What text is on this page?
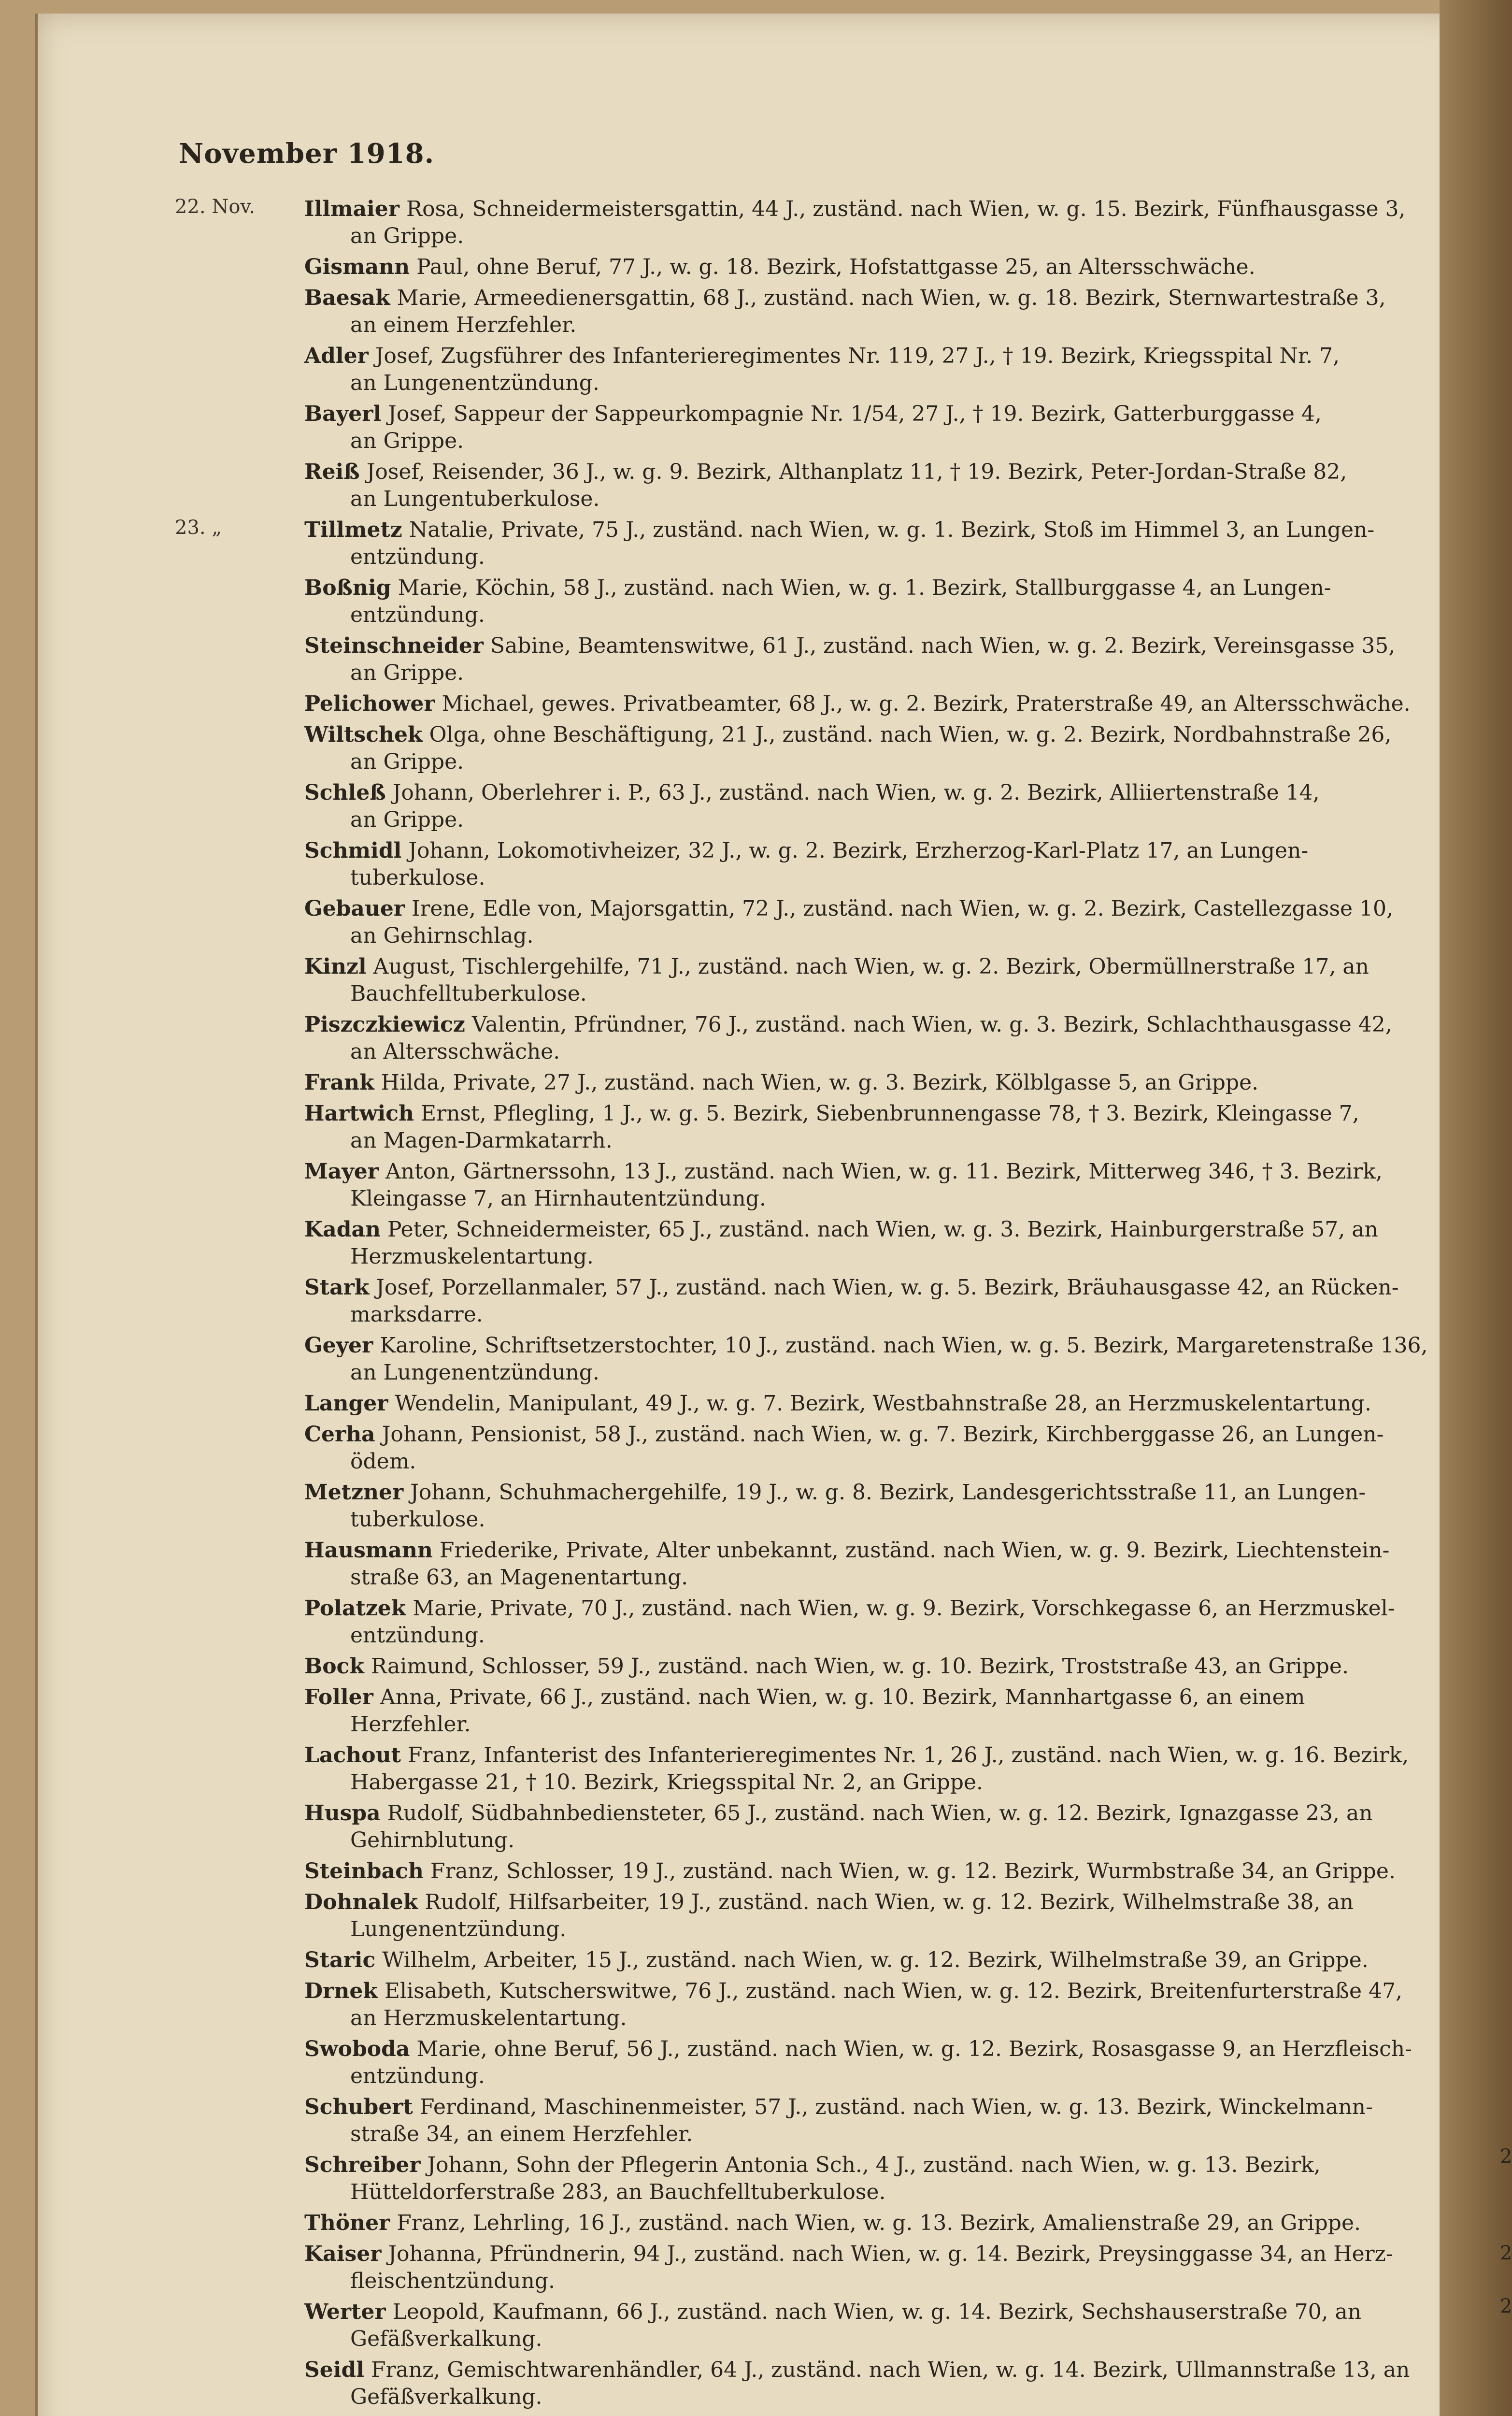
November 1918.
22. Nov. Illmaier Rosa, Schneidermeistersgattin, 44 J., zuständ. nach Wien, w. g. 15. Bezirk, Fünfhausgasse 3,
an Grippe.
Gismann Paul, ohne Beruf, 77 J., w. g. 18. Bezirk, Hofstattgasse 25, an Altersschwäche.
Baesak Marie, Armeedienersgattin, 68 J., zuständ. nach Wien, w. g. 18. Bezirk, Sternwartestraße 3,
an einem Herzfehler.
Adler Josef, Zugsführer des Infanterieregimentes Nr. 119, 27 J., † 19. Bezirk, Kriegsspital Nr. 7,
an Lungenentzündung.
Bayerl Josef, Sappeur der Sappeurkompagnie Nr. 1/54, 27 J., † 19. Bezirk, Gatterburggasse 4,
an Grippe.
Reiß Josef, Reisender, 36 J., w. g. 9. Bezirk, Althanplatz 11, † 19. Bezirk, Peter-Jordan-Straße 82,
an Lungentuberkulose.
23. „	Tillmetz Natalie, Private, 75 J., zuständ. nach Wien, w. g. 1. Bezirk, Stoß im Himmel 3, an Lungen-
entzündung.
Boßnig Marie, Köchin, 58 J., zuständ. nach Wien, w. g. 1. Bezirk, Stallburggasse 4, an Lungen-
entzündung.
Steinschneider Sabine, Beamtenswitwe, 61 J., zuständ. nach Wien, w. g. 2. Bezirk, Vereinsgasse 35,
an Grippe.
Pelichower Michael, gewes. Privatbeamter, 68 J., w. g. 2. Bezirk, Praterstraße 49, an Altersschwäche.
Wiltschek Olga, ohne Beschäftigung, 21 J., zuständ. nach Wien, w. g. 2. Bezirk, Nordbahnstraße 26,
an Grippe.
Schleß Johann, Oberlehrer i. P., 63 J., zuständ. nach Wien, w. g. 2. Bezirk, Alliiertenstraße 14,
an Grippe.
Schmidl Johann, Lokomotivheizer, 32 J., w. g. 2. Bezirk, Erzherzog-Karl-Platz 17, an Lungen-
tuberkulose.
Gebauer Irene, Edle von, Majorsgattin, 72 J., zuständ. nach Wien, w. g. 2. Bezirk, Castellezgasse 10,
an Gehirnschlag.
Kinzl August, Tischlergehilfe, 71 J., zuständ. nach Wien, w. g. 2. Bezirk, Obermüllnerstraße 17, an
Bauchfelltuberkulose.
Piszczkiewicz Valentin, Pfründner, 76 J., zuständ. nach Wien, w. g. 3. Bezirk, Schlachthausgasse 42,
an Altersschwäche.
Frank Hilda, Private, 27 J., zuständ. nach Wien, w. g. 3. Bezirk, Kölblgasse 5, an Grippe.
Hartwich Ernst, Pflegling, 1 J., w. g. 5. Bezirk, Siebenbrunnengasse 78, † 3. Bezirk, Kleingasse 7,
an Magen-Darmkatarrh.
Mayer Anton, Gärtnerssohn, 13 J., zuständ. nach Wien, w. g. 11. Bezirk, Mitterweg 346, † 3. Bezirk,
Kleingasse 7, an Hirnhautentzündung.
Kadan Peter, Schneidermeister, 65 J., zuständ. nach Wien, w. g. 3. Bezirk, Hainburgerstraße 57, an
Herzmuskelentartung.
Stark Josef, Porzellanmaler, 57 J., zuständ. nach Wien, w. g. 5. Bezirk, Bräuhausgasse 42, an Rücken-
marksdarre.
Geyer Karoline, Schriftsetzerstochter, 10 J., zuständ. nach Wien, w. g. 5. Bezirk, Margaretenstraße 136,
an Lungenentzündung.
Langer Wendelin, Manipulant, 49 J., w. g. 7. Bezirk, Westbahnstraße 28, an Herzmuskelentartung.
Cerha Johann, Pensionist, 58 J., zuständ. nach Wien, w. g. 7. Bezirk, Kirchberggasse 26, an Lungen-
ödem.
Metzner Johann, Schuhmachergehilfe, 19 J., w. g. 8. Bezirk, Landesgerichtsstraße 11, an Lungen-
tuberkulose.
Hausmann Friederike, Private, Alter unbekannt, zuständ. nach Wien, w. g. 9. Bezirk, Liechtenstein-
straße 63, an Magenentartung.
Polatzek Marie, Private, 70 J., zuständ. nach Wien, w. g. 9. Bezirk, Vorschkegasse 6, an Herzmuskel-
entzündung.
Bock Raimund, Schlosser, 59 J., zuständ. nach Wien, w. g. 10. Bezirk, Troststraße 43, an Grippe.
Foller Anna, Private, 66 J., zuständ. nach Wien, w. g. 10. Bezirk, Mannhartgasse 6, an einem
Herzfehler.
Lachout Franz, Infanterist des Infanterieregimentes Nr. 1, 26 J., zuständ. nach Wien, w. g. 16. Bezirk,
Habergasse 21, † 10. Bezirk, Kriegsspital Nr. 2, an Grippe.
Huspa Rudolf, Südbahnbediensteter, 65 J., zuständ. nach Wien, w. g. 12. Bezirk, Ignazgasse 23, an
Gehirnblutung.
Steinbach Franz, Schlosser, 19 J., zuständ. nach Wien, w. g. 12. Bezirk, Wurmbstraße 34, an Grippe.
Dohnalek Rudolf, Hilfsarbeiter, 19 J., zuständ. nach Wien, w. g. 12. Bezirk, Wilhelmstraße 38, an
Lungenentzündung.
Staric Wilhelm, Arbeiter, 15 J., zuständ. nach Wien, w. g. 12. Bezirk, Wilhelmstraße 39, an Grippe.
Drnek Elisabeth, Kutscherswitwe, 76 J., zuständ. nach Wien, w. g. 12. Bezirk, Breitenfurterstraße 47,
an Herzmuskelentartung.
Swoboda Marie, ohne Beruf, 56 J., zuständ. nach Wien, w. g. 12. Bezirk, Rosasgasse 9, an Herzfleisch-
entzündung.
Schubert Ferdinand, Maschinenmeister, 57 J., zuständ. nach Wien, w. g. 13. Bezirk, Winckelmann-
straße 34, an einem Herzfehler.
Schreiber Johann, Sohn der Pflegerin Antonia Sch., 4 J., zuständ. nach Wien, w. g. 13. Bezirk,
Hütteldorferstraße 283, an Bauchfelltuberkulose.
Thöner Franz, Lehrling, 16 J., zuständ. nach Wien, w. g. 13. Bezirk, Amalienstraße 29, an Grippe.
Kaiser Johanna, Pfründnerin, 94 J., zuständ. nach Wien, w. g. 14. Bezirk, Preysinggasse 34, an Herz-
fleischentzündung.
Werter Leopold, Kaufmann, 66 J., zuständ. nach Wien, w. g. 14. Bezirk, Sechshauserstraße 70, an
Gefäßverkalkung.
Seidl Franz, Gemischtwarenhändler, 64 J., zuständ. nach Wien, w. g. 14. Bezirk, Ullmannstraße 13, an
Gefäßverkalkung.
2
2
2
